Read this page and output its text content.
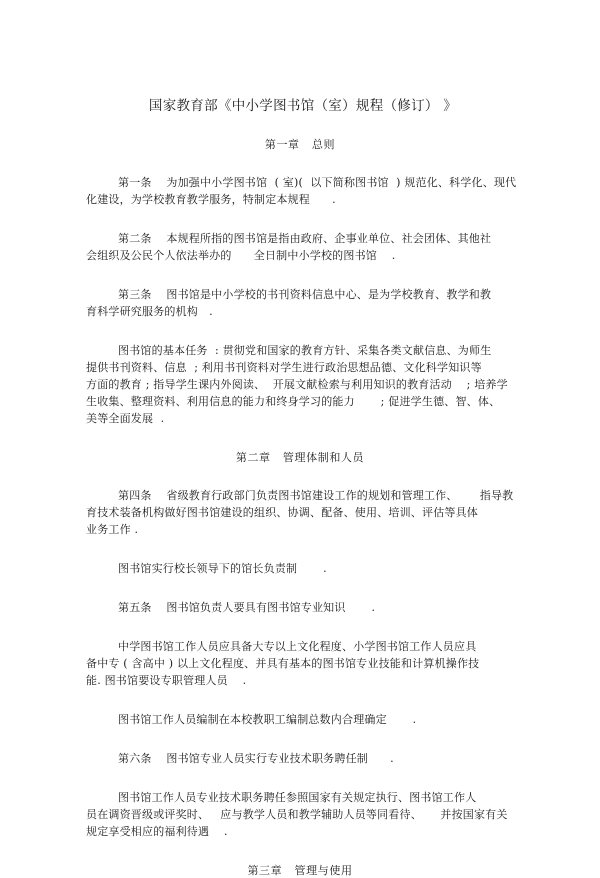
国家教育部《中小学图书馆（室）规程（修订） 》
第一章   总则
第一条    为加强中小学图书馆  ( 室)(  以下简称图书馆  ) 规范化、科学化、现代
化建设，为学校教育教学服务，特制定本规程      .
第二条    本规程所指的图书馆是指由政府、企事业单位、社会团体、其他社
会组织及公民个人依法举办的      全日制中小学校的图书馆    .
第三条    图书馆是中小学校的书刊资料信息中心、是为学校教育、教学和教
育科学研究服务的机构   .
图书馆的基本任务  : 贯彻党和国家的教育方针、采集各类文献信息、为师生
提供书刊资料、信息  ; 利用书刊资料对学生进行政治思想品德、文化科学知识等
方面的教育 ; 指导学生课内外阅读、  开展文献检索与利用知识的教育活动    ; 培养学
生收集、整理资料、利用信息的能力和终身学习的能力       ; 促进学生德、智、体、
美等全面发展  .
第二章   管理体制和人员
第四条    省级教育行政部门负责图书馆建设工作的规划和管理工作、      指导教
育技术装备机构做好图书馆建设的组织、协调、配备、使用、培训、评估等具体
业务工作 .
图书馆实行校长领导下的馆长负责制       .
第五条    图书馆负责人要具有图书馆专业知识       .
中学图书馆工作人员应具备大专以上文化程度、小学图书馆工作人员应具
备中专 ( 含高中 ) 以上文化程度、并具有基本的图书馆专业技能和计算机操作技
能. 图书馆要设专职管理人员    .
图书馆工作人员编制在本校教职工编制总数内合理确定       .
第六条    图书馆专业人员实行专业技术职务聘任制      .
图书馆工作人员专业技术职务聘任参照国家有关规定执行、图书馆工作人
员在调资晋级或评奖时、   应与教学人员和教学辅助人员等同看待、     并按国家有关
规定享受相应的福利待遇    .
第三章   管理与使用
